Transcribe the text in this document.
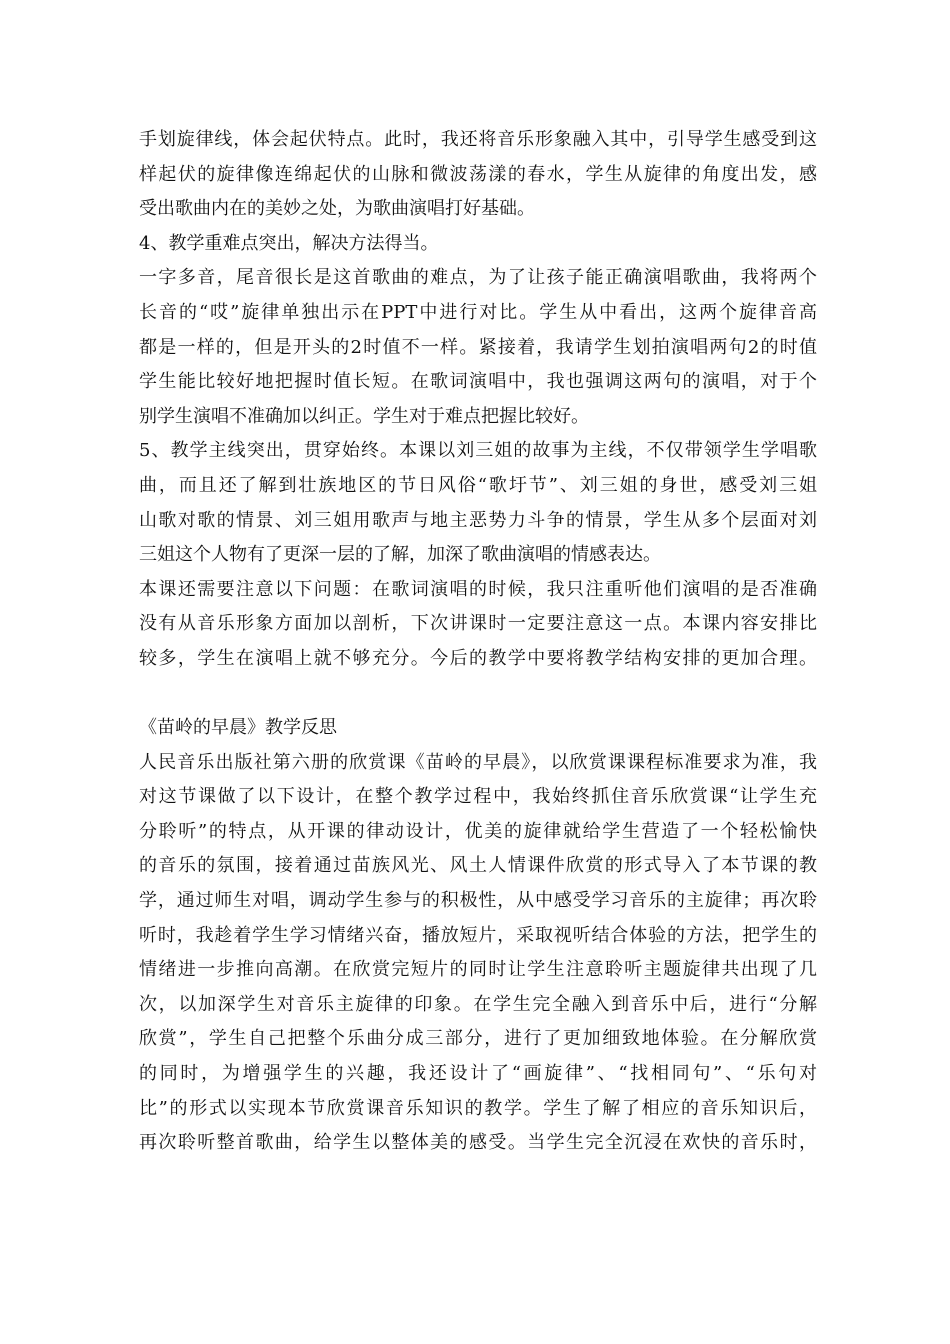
手划旋律线，体会起伏特点。此时，我还将音乐形象融入其中，引导学生感受到这
样起伏的旋律像连绵起伏的山脉和微波荡漾的春水，学生从旋律的角度出发，感
受出歌曲内在的美妙之处，为歌曲演唱打好基础。
4、教学重难点突出，解决方法得当。
一字多音，尾音很长是这首歌曲的难点，为了让孩子能正确演唱歌曲，我将两个
长音的“哎”旋律单独出示在PPT中进行对比。学生从中看出，这两个旋律音高
都是一样的，但是开头的2时值不一样。紧接着，我请学生划拍演唱两句2的时值
学生能比较好地把握时值长短。在歌词演唱中，我也强调这两句的演唱，对于个
别学生演唱不准确加以纠正。学生对于难点把握比较好。
5、教学主线突出，贯穿始终。本课以刘三姐的故事为主线，不仅带领学生学唱歌
曲，而且还了解到壮族地区的节日风俗“歌圩节”、刘三姐的身世，感受刘三姐
山歌对歌的情景、刘三姐用歌声与地主恶势力斗争的情景，学生从多个层面对刘
三姐这个人物有了更深一层的了解，加深了歌曲演唱的情感表达。
本课还需要注意以下问题：在歌词演唱的时候，我只注重听他们演唱的是否准确
没有从音乐形象方面加以剖析，下次讲课时一定要注意这一点。本课内容安排比
较多，学生在演唱上就不够充分。今后的教学中要将教学结构安排的更加合理。
《苗岭的早晨》教学反思
人民音乐出版社第六册的欣赏课《苗岭的早晨》，以欣赏课课程标准要求为准，我
对这节课做了以下设计，在整个教学过程中，我始终抓住音乐欣赏课“让学生充
分聆听”的特点，从开课的律动设计，优美的旋律就给学生营造了一个轻松愉快
的音乐的氛围，接着通过苗族风光、风土人情课件欣赏的形式导入了本节课的教
学，通过师生对唱，调动学生参与的积极性，从中感受学习音乐的主旋律；再次聆
听时，我趁着学生学习情绪兴奋，播放短片，采取视听结合体验的方法，把学生的
情绪进一步推向高潮。在欣赏完短片的同时让学生注意聆听主题旋律共出现了几
次，以加深学生对音乐主旋律的印象。在学生完全融入到音乐中后，进行“分解
欣赏”，学生自己把整个乐曲分成三部分，进行了更加细致地体验。在分解欣赏
的同时，为增强学生的兴趣，我还设计了“画旋律”、“找相同句”、“乐句对
比”的形式以实现本节欣赏课音乐知识的教学。学生了解了相应的音乐知识后，
再次聆听整首歌曲，给学生以整体美的感受。当学生完全沉浸在欢快的音乐时，
